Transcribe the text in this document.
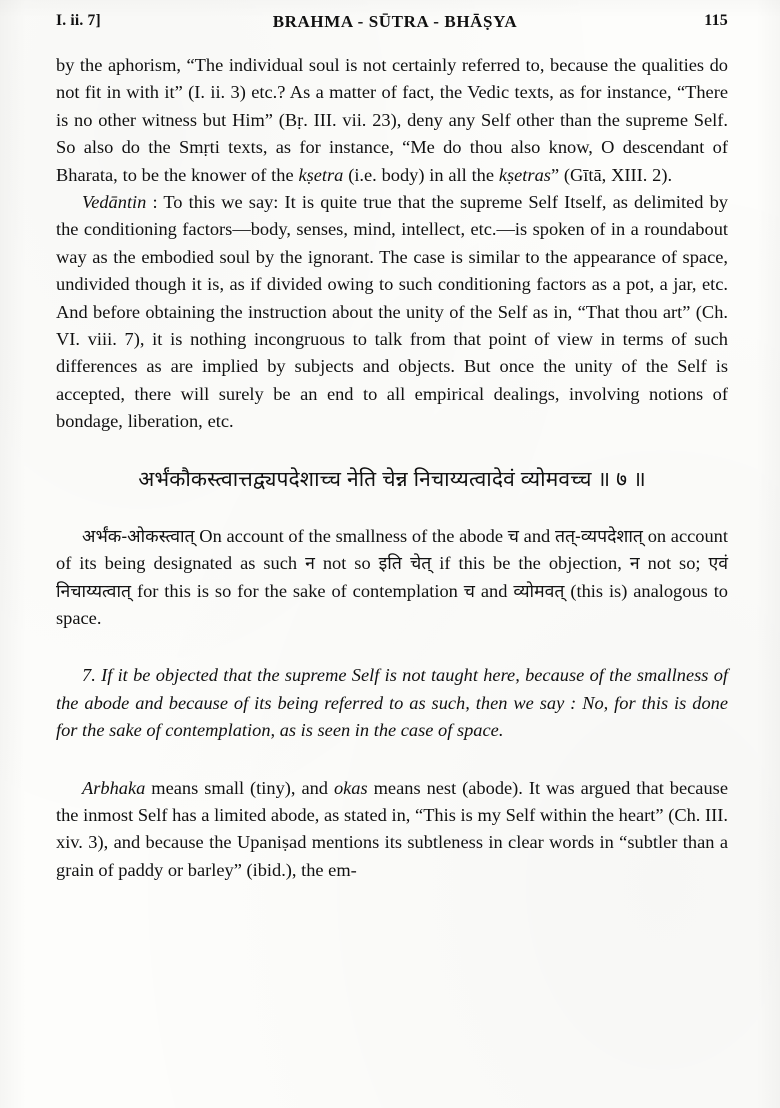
I. ii. 7]	BRAHMA - SŪTRA - BHĀṢYA	115

by the aphorism, “The individual soul is not certainly referred to, because the qualities do not fit in with it” (I. ii. 3) etc.? As a matter of fact, the Vedic texts, as for instance, “There is no other witness but Him” (Bṛ. III. vii. 23), deny any Self other than the supreme Self. So also do the Smṛti texts, as for instance, “Me do thou also know, O descendant of Bharata, to be the knower of the kṣetra (i.e. body) in all the kṣetras” (Gītā, XIII. 2).

Vedāntin : To this we say: It is quite true that the supreme Self Itself, as delimited by the conditioning factors—body, senses, mind, intellect, etc.—is spoken of in a roundabout way as the embodied soul by the ignorant. The case is similar to the appearance of space, undivided though it is, as if divided owing to such conditioning factors as a pot, a jar, etc. And before obtaining the instruction about the unity of the Self as in, “That thou art” (Ch. VI. viii. 7), it is nothing incongruous to talk from that point of view in terms of such differences as are implied by subjects and objects. But once the unity of the Self is accepted, there will surely be an end to all empirical dealings, involving notions of bondage, liberation, etc.

अर्भंकौकस्त्वात्तद्व्यपदेशाच्च नेति चेन्न निचाय्यत्वादेवं व्योमवच्च ॥ ७ ॥

अर्भंक-ओकस्त्वात् On account of the smallness of the abode च and तत्-व्यपदेशात् on account of its being designated as such न not so इति चेत् if this be the objection, न not so; एवं निचाय्यत्वात् for this is so for the sake of contemplation च and व्योमवत् (this is) analogous to space.

7. If it be objected that the supreme Self is not taught here, because of the smallness of the abode and because of its being referred to as such, then we say : No, for this is done for the sake of contemplation, as is seen in the case of space.

Arbhaka means small (tiny), and okas means nest (abode). It was argued that because the inmost Self has a limited abode, as stated in, “This is my Self within the heart” (Ch. III. xiv. 3), and because the Upaniṣad mentions its subtleness in clear words in “subtler than a grain of paddy or barley” (ibid.), the em-
